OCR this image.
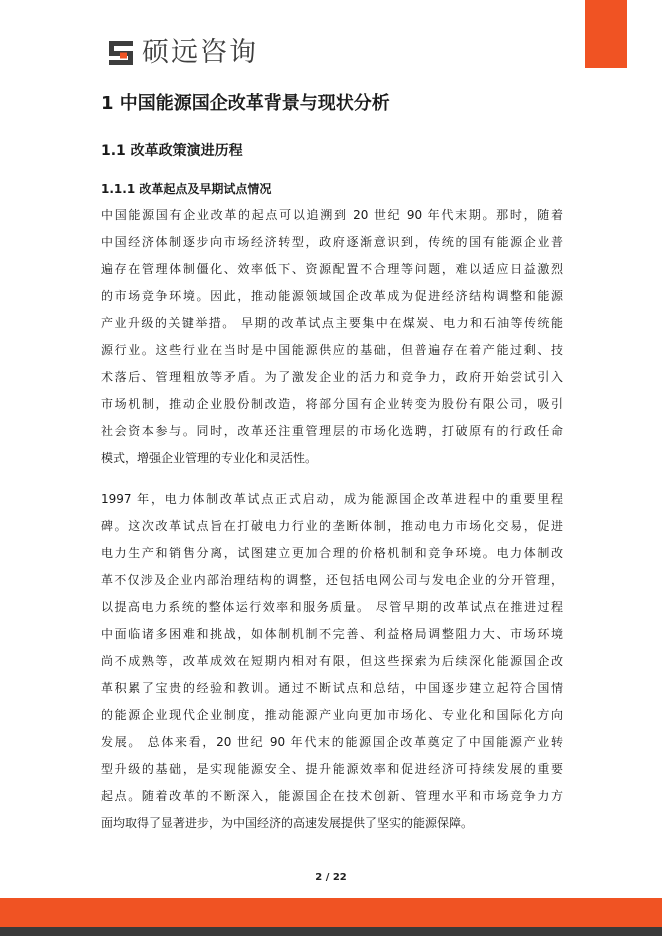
硕远咨询
1 中国能源国企改革背景与现状分析
1.1 改革政策演进历程
1.1.1 改革起点及早期试点情况
中国能源国有企业改革的起点可以追溯到 20 世纪 90 年代末期。那时，随着
中国经济体制逐步向市场经济转型，政府逐渐意识到，传统的国有能源企业普
遍存在管理体制僵化、效率低下、资源配置不合理等问题，难以适应日益激烈
的市场竞争环境。因此，推动能源领域国企改革成为促进经济结构调整和能源
产业升级的关键举措。 早期的改革试点主要集中在煤炭、电力和石油等传统能
源行业。这些行业在当时是中国能源供应的基础，但普遍存在着产能过剩、技
术落后、管理粗放等矛盾。为了激发企业的活力和竞争力，政府开始尝试引入
市场机制，推动企业股份制改造，将部分国有企业转变为股份有限公司，吸引
社会资本参与。同时，改革还注重管理层的市场化选聘，打破原有的行政任命
模式，增强企业管理的专业化和灵活性。
1997 年，电力体制改革试点正式启动，成为能源国企改革进程中的重要里程
碑。这次改革试点旨在打破电力行业的垄断体制，推动电力市场化交易，促进
电力生产和销售分离，试图建立更加合理的价格机制和竞争环境。电力体制改
革不仅涉及企业内部治理结构的调整，还包括电网公司与发电企业的分开管理，
以提高电力系统的整体运行效率和服务质量。 尽管早期的改革试点在推进过程
中面临诸多困难和挑战，如体制机制不完善、利益格局调整阻力大、市场环境
尚不成熟等，改革成效在短期内相对有限，但这些探索为后续深化能源国企改
革积累了宝贵的经验和教训。通过不断试点和总结，中国逐步建立起符合国情
的能源企业现代企业制度，推动能源产业向更加市场化、专业化和国际化方向
发展。 总体来看，20 世纪 90 年代末的能源国企改革奠定了中国能源产业转
型升级的基础，是实现能源安全、提升能源效率和促进经济可持续发展的重要
起点。随着改革的不断深入，能源国企在技术创新、管理水平和市场竞争力方
面均取得了显著进步，为中国经济的高速发展提供了坚实的能源保障。
2 / 22
